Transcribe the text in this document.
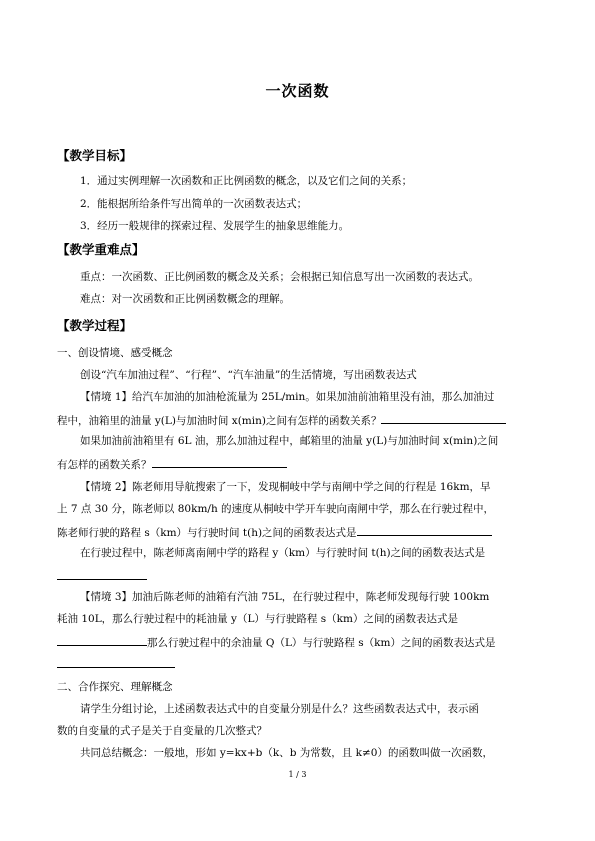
一次函数
【教学目标】
1．通过实例理解一次函数和正比例函数的概念，以及它们之间的关系；
2．能根据所给条件写出简单的一次函数表达式；
3．经历一般规律的探索过程、发展学生的抽象思维能力。
【教学重难点】
重点：一次函数、正比例函数的概念及关系；会根据已知信息写出一次函数的表达式。
难点：对一次函数和正比例函数概念的理解。
【教学过程】
一、创设情境、感受概念
创设“汽车加油过程”、“行程”、“汽车油量”的生活情境，写出函数表达式
【情境 1】给汽车加油的加油枪流量为 25L/min。如果加油前油箱里没有油，那么加油过
程中，油箱里的油量 y(L)与加油时间 x(min)之间有怎样的函数关系？
如果加油前油箱里有 6L 油，那么加油过程中，邮箱里的油量 y(L)与加油时间 x(min)之间
有怎样的函数关系？
【情境 2】陈老师用导航搜索了一下，发现桐岐中学与南闸中学之间的行程是 16km，早
上 7 点 30 分，陈老师以 80km/h 的速度从桐岐中学开车驶向南闸中学，那么在行驶过程中，
陈老师行驶的路程 s（km）与行驶时间 t(h)之间的函数表达式是
在行驶过程中，陈老师离南闸中学的路程 y（km）与行驶时间 t(h)之间的函数表达式是
【情境 3】加油后陈老师的油箱有汽油 75L，在行驶过程中，陈老师发现每行驶 100km
耗油 10L，那么行驶过程中的耗油量 y（L）与行驶路程 s（km）之间的函数表达式是
那么行驶过程中的余油量 Q（L）与行驶路程 s（km）之间的函数表达式是
二、合作探究、理解概念
请学生分组讨论，上述函数表达式中的自变量分别是什么？这些函数表达式中，表示函
数的自变量的式子是关于自变量的几次整式？
共同总结概念：一般地，形如 y=kx+b（k、b 为常数，且 k≠0）的函数叫做一次函数，
1 / 3
